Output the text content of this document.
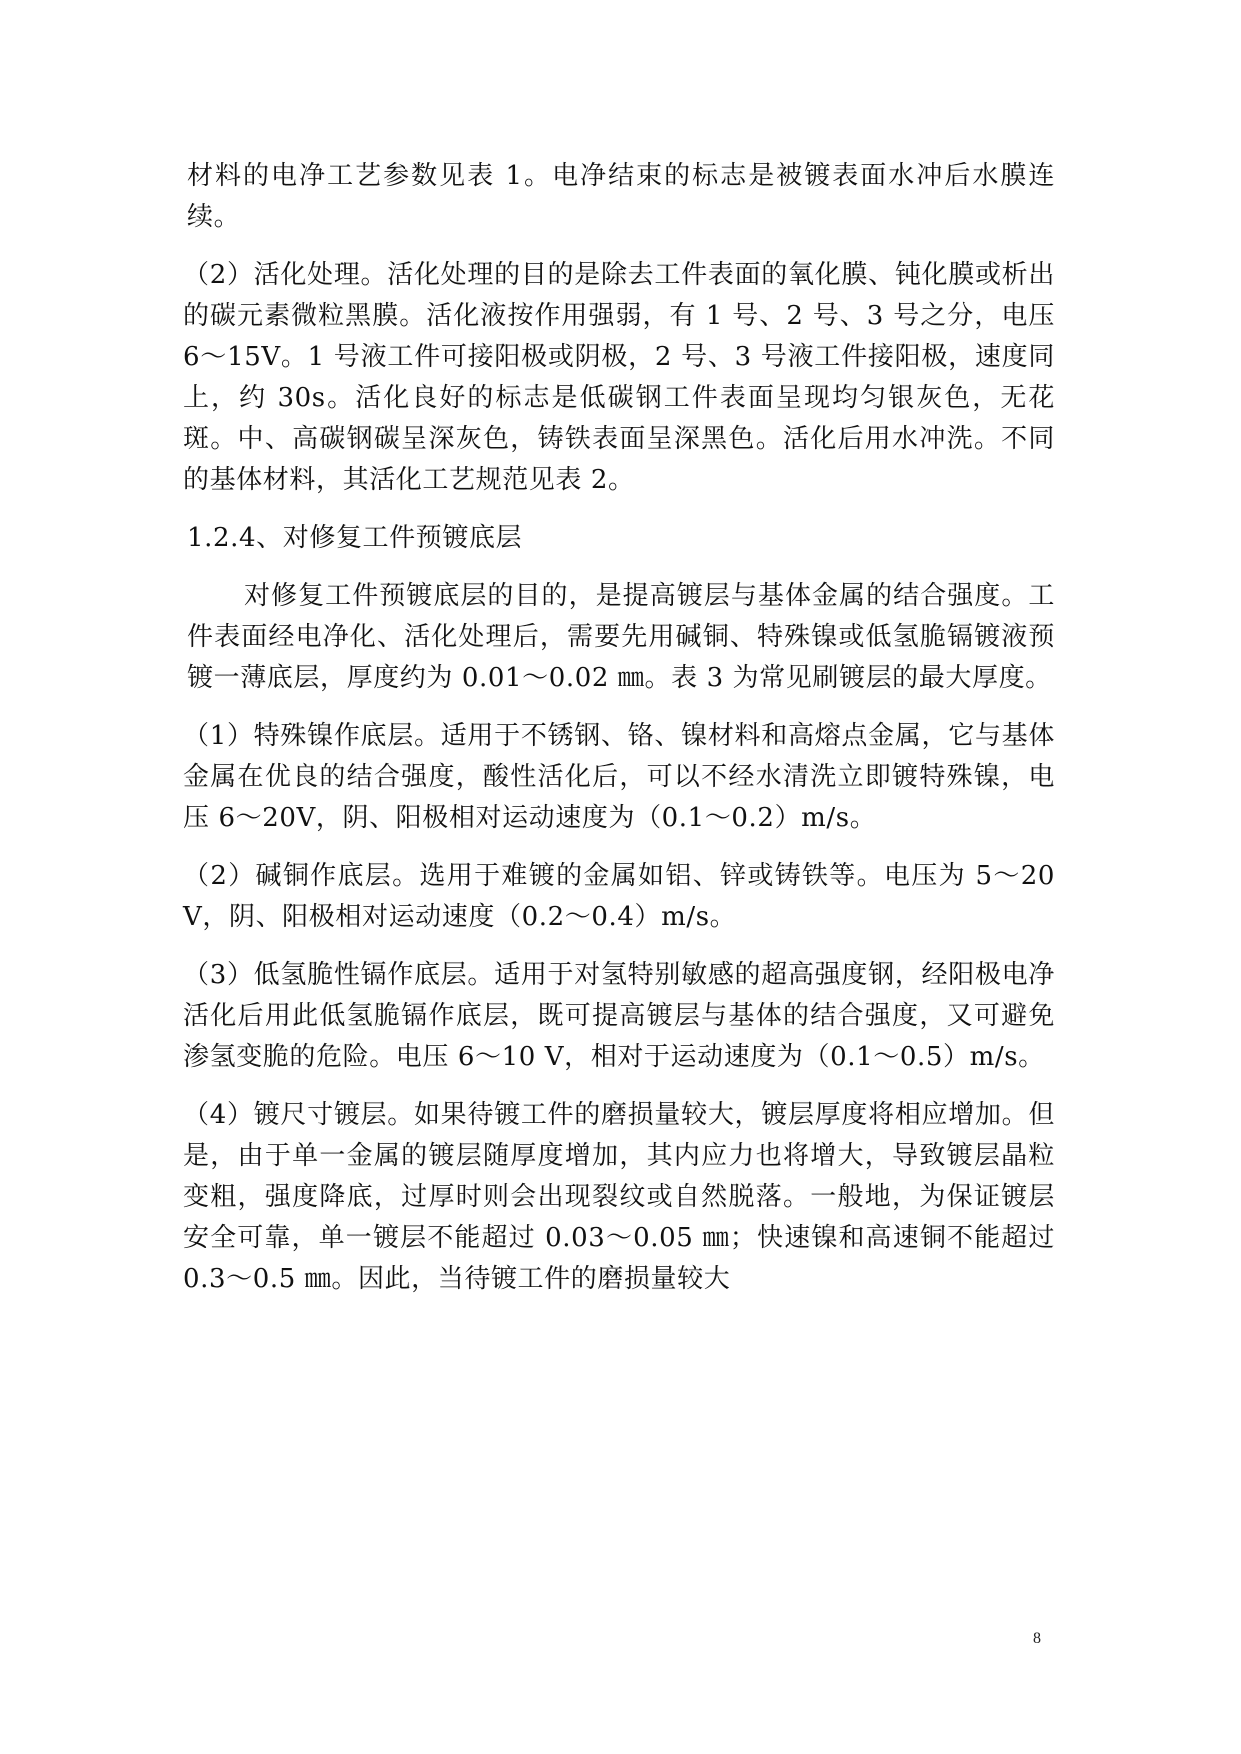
材料的电净工艺参数见表 1。电净结束的标志是被镀表面水冲后水膜连续。

（2）活化处理。活化处理的目的是除去工件表面的氧化膜、钝化膜或析出的碳元素微粒黑膜。活化液按作用强弱，有 1 号、2 号、3 号之分，电压 6～15V。1 号液工件可接阳极或阴极，2 号、3 号液工件接阳极，速度同上，约 30s。活化良好的标志是低碳钢工件表面呈现均匀银灰色，无花斑。中、高碳钢碳呈深灰色，铸铁表面呈深黑色。活化后用水冲洗。不同的基体材料，其活化工艺规范见表 2。

1.2.4、对修复工件预镀底层

对修复工件预镀底层的目的，是提高镀层与基体金属的结合强度。工件表面经电净化、活化处理后，需要先用碱铜、特殊镍或低氢脆镉镀液预镀一薄底层，厚度约为 0.01～0.02 ㎜。表 3 为常见刷镀层的最大厚度。

（1）特殊镍作底层。适用于不锈钢、铬、镍材料和高熔点金属，它与基体金属在优良的结合强度，酸性活化后，可以不经水清洗立即镀特殊镍，电压 6～20V，阴、阳极相对运动速度为（0.1～0.2）m/s。

（2）碱铜作底层。选用于难镀的金属如铝、锌或铸铁等。电压为 5～20 V，阴、阳极相对运动速度（0.2～0.4）m/s。

（3）低氢脆性镉作底层。适用于对氢特别敏感的超高强度钢，经阳极电净活化后用此低氢脆镉作底层，既可提高镀层与基体的结合强度，又可避免渗氢变脆的危险。电压 6～10 V，相对于运动速度为（0.1～0.5）m/s。

（4）镀尺寸镀层。如果待镀工件的磨损量较大，镀层厚度将相应增加。但是，由于单一金属的镀层随厚度增加，其内应力也将增大，导致镀层晶粒变粗，强度降底，过厚时则会出现裂纹或自然脱落。一般地，为保证镀层安全可靠，单一镀层不能超过 0.03～0.05 ㎜；快速镍和高速铜不能超过 0.3～0.5 ㎜。因此，当待镀工件的磨损量较大

8
